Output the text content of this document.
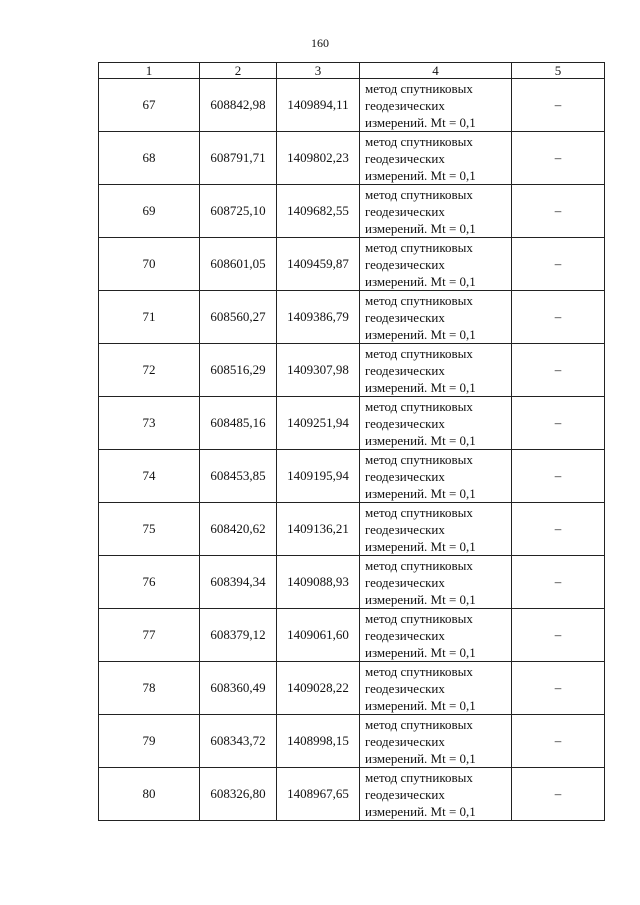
160
1	2	3	4	5
67	608842,98	1409894,11	метод спутниковых
геодезических
измерений. Mt = 0,1	–
68	608791,71	1409802,23	метод спутниковых
геодезических
измерений. Mt = 0,1	–
69	608725,10	1409682,55	метод спутниковых
геодезических
измерений. Mt = 0,1	–
70	608601,05	1409459,87	метод спутниковых
геодезических
измерений. Mt = 0,1	–
71	608560,27	1409386,79	метод спутниковых
геодезических
измерений. Mt = 0,1	–
72	608516,29	1409307,98	метод спутниковых
геодезических
измерений. Mt = 0,1	–
73	608485,16	1409251,94	метод спутниковых
геодезических
измерений. Mt = 0,1	–
74	608453,85	1409195,94	метод спутниковых
геодезических
измерений. Mt = 0,1	–
75	608420,62	1409136,21	метод спутниковых
геодезических
измерений. Mt = 0,1	–
76	608394,34	1409088,93	метод спутниковых
геодезических
измерений. Mt = 0,1	–
77	608379,12	1409061,60	метод спутниковых
геодезических
измерений. Mt = 0,1	–
78	608360,49	1409028,22	метод спутниковых
геодезических
измерений. Mt = 0,1	–
79	608343,72	1408998,15	метод спутниковых
геодезических
измерений. Mt = 0,1	–
80	608326,80	1408967,65	метод спутниковых
геодезических
измерений. Mt = 0,1	–
